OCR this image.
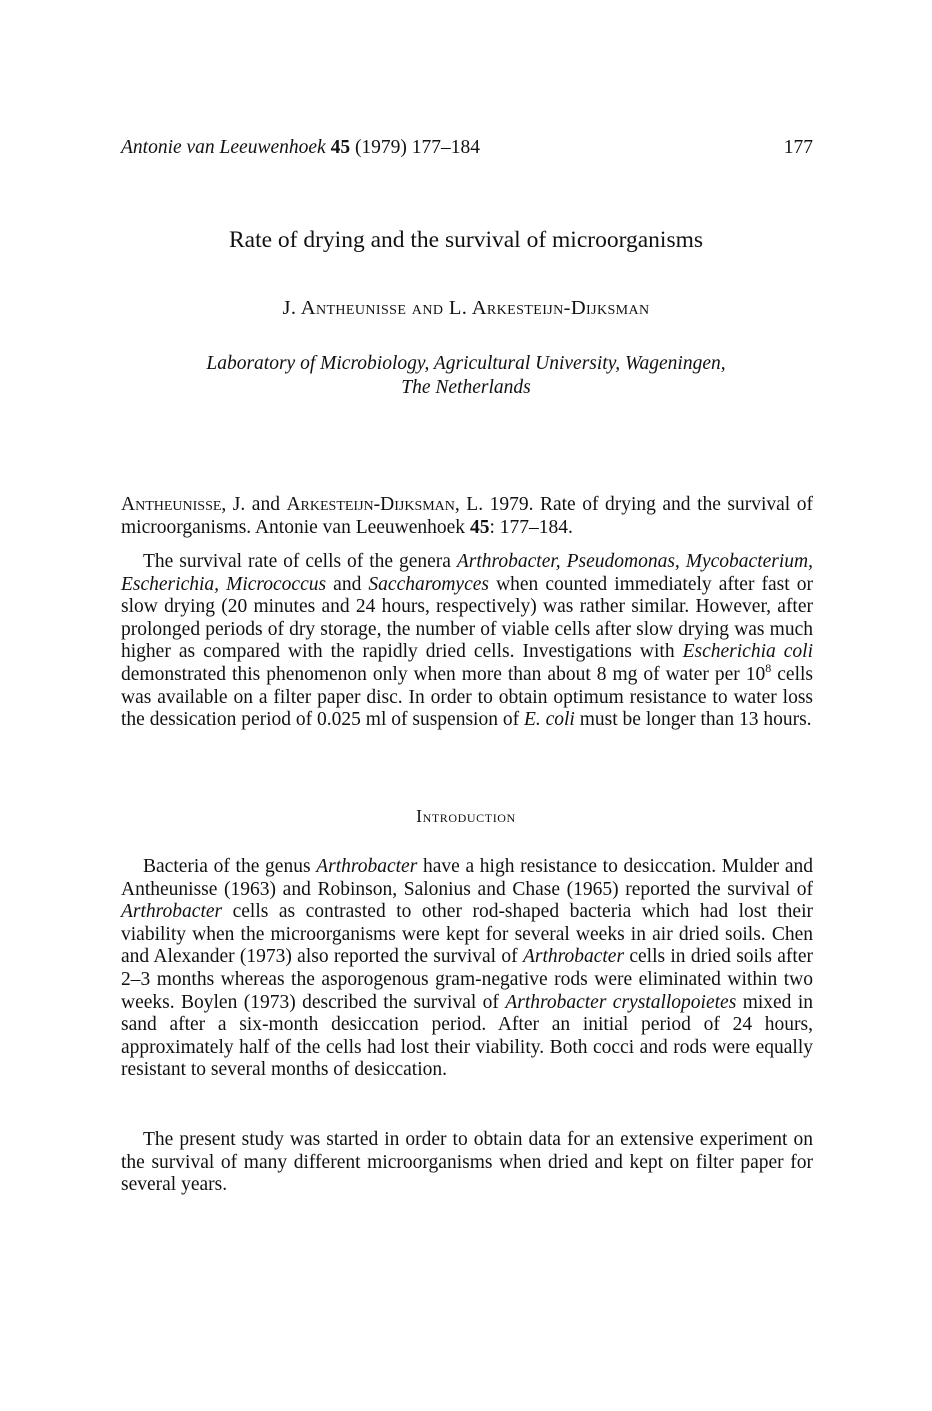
Antonie van Leeuwenhoek 45 (1979) 177–184	177
Rate of drying and the survival of microorganisms
J. Antheunisse and L. Arkesteijn-Dijksman
Laboratory of Microbiology, Agricultural University, Wageningen,
The Netherlands
Antheunisse, J. and Arkesteijn-Dijksman, L. 1979. Rate of drying and the survival of microorganisms. Antonie van Leeuwenhoek 45: 177–184.
The survival rate of cells of the genera Arthrobacter, Pseudomonas, Mycobacterium, Escherichia, Micrococcus and Saccharomyces when counted immediately after fast or slow drying (20 minutes and 24 hours, respectively) was rather similar. However, after prolonged periods of dry storage, the number of viable cells after slow drying was much higher as compared with the rapidly dried cells. Investigations with Escherichia coli demonstrated this phenomenon only when more than about 8 mg of water per $10^8$ cells was available on a filter paper disc. In order to obtain optimum resistance to water loss the dessication period of 0.025 ml of suspension of E. coli must be longer than 13 hours.
Introduction
Bacteria of the genus Arthrobacter have a high resistance to desiccation. Mulder and Antheunisse (1963) and Robinson, Salonius and Chase (1965) reported the survival of Arthrobacter cells as contrasted to other rod-shaped bacteria which had lost their viability when the microorganisms were kept for several weeks in air dried soils. Chen and Alexander (1973) also reported the survival of Arthrobacter cells in dried soils after 2–3 months whereas the asporogenous gram-negative rods were eliminated within two weeks. Boylen (1973) described the survival of Arthrobacter crystallopoietes mixed in sand after a six-month desiccation period. After an initial period of 24 hours, approximately half of the cells had lost their viability. Both cocci and rods were equally resistant to several months of desiccation.
The present study was started in order to obtain data for an extensive experiment on the survival of many different microorganisms when dried and kept on filter paper for several years.
